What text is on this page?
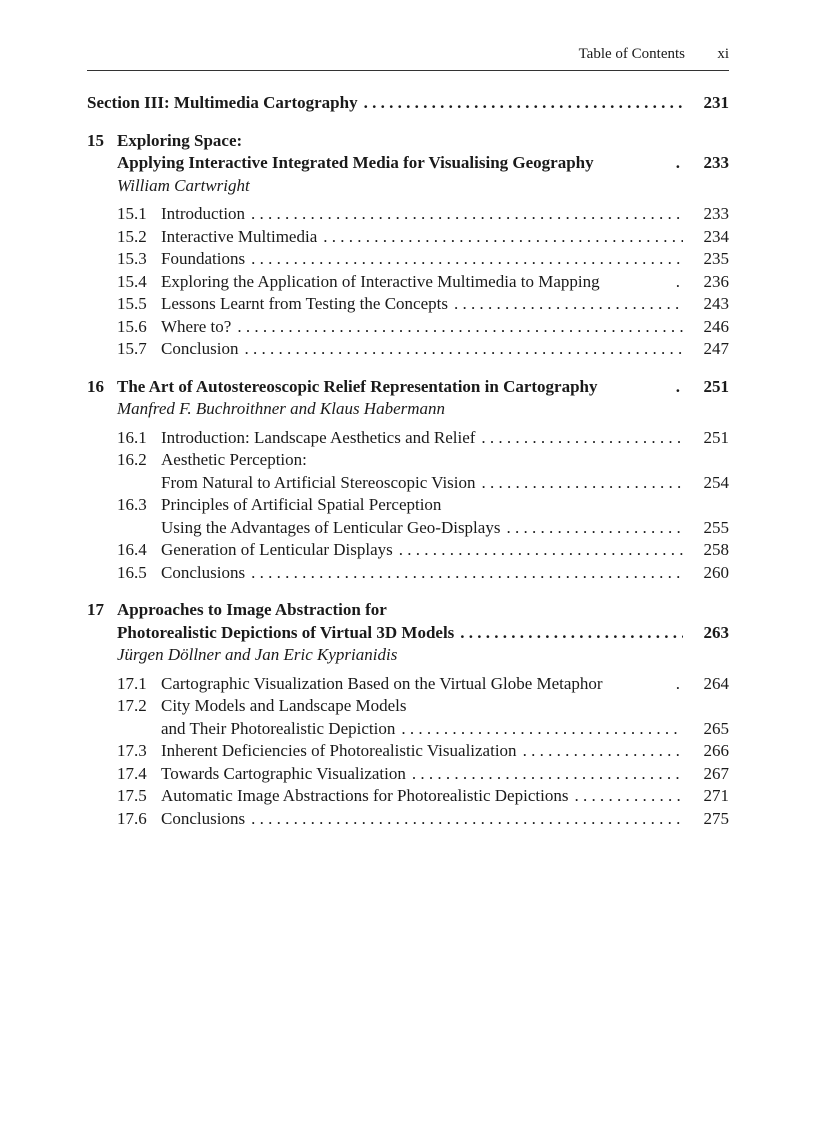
Table of Contents xi
Section III: Multimedia Cartography . . .	231
15 Exploring Space:
Applying Interactive Integrated Media for Visualising Geography	.	233
William Cartwright
15.1 Introduction . . .	233
15.2 Interactive Multimedia . . .	234
15.3 Foundations . . .	235
15.4 Exploring the Application of Interactive Multimedia to Mapping	.	236
15.5 Lessons Learnt from Testing the Concepts . . .	243
15.6 Where to? . . .	246
15.7 Conclusion . . .	247
16 The Art of Autostereoscopic Relief Representation in Cartography	.	251
Manfred F. Buchroithner and Klaus Habermann
16.1 Introduction: Landscape Aesthetics and Relief . . .	251
16.2 Aesthetic Perception:
From Natural to Artificial Stereoscopic Vision . . .	254
16.3 Principles of Artificial Spatial Perception
Using the Advantages of Lenticular Geo-Displays . . .	255
16.4 Generation of Lenticular Displays . . .	258
16.5 Conclusions . . .	260
17 Approaches to Image Abstraction for
Photorealistic Depictions of Virtual 3D Models . . .	263
Jürgen Döllner and Jan Eric Kyprianidis
17.1 Cartographic Visualization Based on the Virtual Globe Metaphor	.	264
17.2 City Models and Landscape Models
and Their Photorealistic Depiction . . .	265
17.3 Inherent Deficiencies of Photorealistic Visualization . . .	266
17.4 Towards Cartographic Visualization . . .	267
17.5 Automatic Image Abstractions for Photorealistic Depictions . . .	271
17.6 Conclusions . . .	275
